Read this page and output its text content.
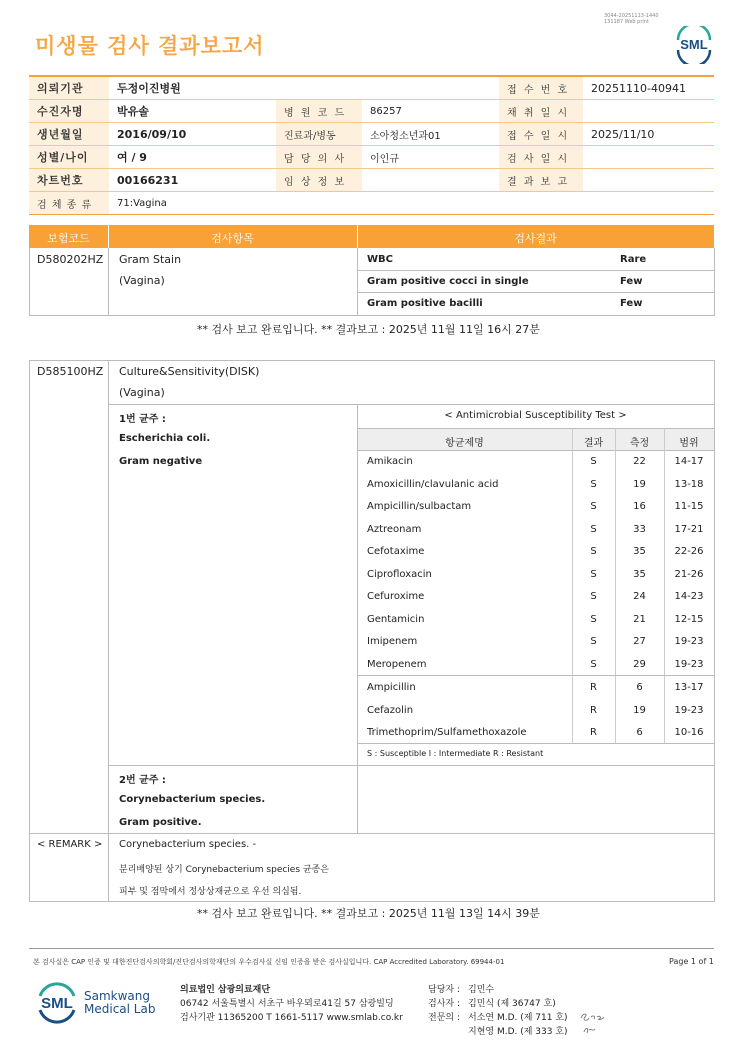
미생물 검사 결과보고서
3044-20251113-1440
131187 Web print
SML
의뢰기관	두정이진병원			접 수 번 호	20251110-40941
수진자명	박유솔	병 원 코 드	86257	채 취 일 시	
생년월일	2016/09/10	진료과/병동	소아청소년과01	접 수 일 시	2025/11/10
성별/나이	여 / 9	담 당 의 사	이인규	검 사 일 시	
차트번호	00166231	임 상 정 보		결 과 보 고	
검 체 종 류	71:Vagina				
보험코드	검사항목	검사결과
D580202HZ Gram Stain
(Vagina)
WBC	Rare
Gram positive cocci in single	Few
Gram positive bacilli	Few
** 검사 보고 완료입니다. ** 결과보고 : 2025년 11월 11일 16시 27분
D585100HZ Culture&Sensitivity(DISK)
(Vagina)
1번 균주 :
Escherichia coli.
Gram negative
< Antimicrobial Susceptibility Test >
항균제명	결과	측정	범위
Amikacin	S	22	14-17
Amoxicillin/clavulanic acid	S	19	13-18
Ampicillin/sulbactam	S	16	11-15
Aztreonam	S	33	17-21
Cefotaxime	S	35	22-26
Ciprofloxacin	S	35	21-26
Cefuroxime	S	24	14-23
Gentamicin	S	21	12-15
Imipenem	S	27	19-23
Meropenem	S	29	19-23
Ampicillin	R	6	13-17
Cefazolin	R	19	19-23
Trimethoprim/Sulfamethoxazole	R	6	10-16
S : Susceptible I : Intermediate R : Resistant
2번 균주 :
Corynebacterium species.
Gram positive.
< REMARK > Corynebacterium species. -
분리배양된 상기 Corynebacterium species 균종은
피부 및 점막에서 정상상재균으로 우선 의심됨.
** 검사 보고 완료입니다. ** 결과보고 : 2025년 11월 13일 14시 39분
본 검사실은 CAP 인증 및 대한진단검사의학회/진단검사의학재단의 우수검사실 신임 인증을 받은 검사실입니다. CAP Accredited Laboratory. 69944-01	Page 1 of 1
SML Samkwang
Medical Lab
의료법인 삼광의료재단
06742 서울특별시 서초구 바우뫼로41길 57 삼광빌딩
검사기관 11365200 T 1661-5117 www.smlab.co.kr
담당자 : 김민수
검사자 : 김민식 (제 36747 호)
전문의 : 서소연 M.D. (제 711 호)
지현영 M.D. (제 333 호)
